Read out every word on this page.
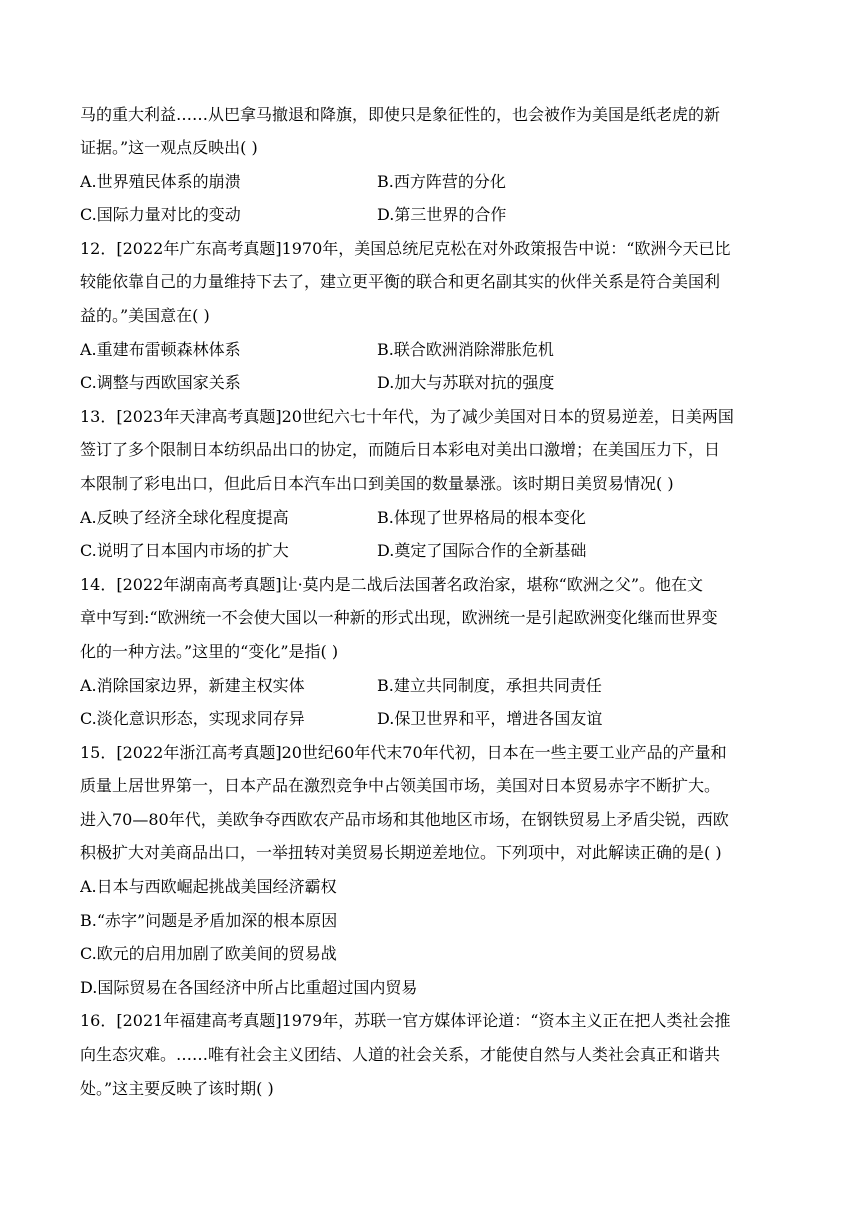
马的重大利益……从巴拿马撤退和降旗，即使只是象征性的，也会被作为美国是纸老虎的新
证据。”这一观点反映出( )
A.世界殖民体系的崩溃	B.西方阵营的分化
C.国际力量对比的变动	D.第三世界的合作
12．[2022年广东高考真题]1970年，美国总统尼克松在对外政策报告中说：“欧洲今天已比
较能依靠自己的力量维持下去了，建立更平衡的联合和更名副其实的伙伴关系是符合美国利
益的。”美国意在( )
A.重建布雷顿森林体系	B.联合欧洲消除滞胀危机
C.调整与西欧国家关系	D.加大与苏联对抗的强度
13．[2023年天津高考真题]20世纪六七十年代，为了减少美国对日本的贸易逆差，日美两国
签订了多个限制日本纺织品出口的协定，而随后日本彩电对美出口激增；在美国压力下，日
本限制了彩电出口，但此后日本汽车出口到美国的数量暴涨。该时期日美贸易情况( )
A.反映了经济全球化程度提高	B.体现了世界格局的根本变化
C.说明了日本国内市场的扩大	D.奠定了国际合作的全新基础
14．[2022年湖南高考真题]让·莫内是二战后法国著名政治家，堪称“欧洲之父”。他在文
章中写到:“欧洲统一不会使大国以一种新的形式出现，欧洲统一是引起欧洲变化继而世界变
化的一种方法。”这里的“变化”是指( )
A.消除国家边界，新建主权实体	B.建立共同制度，承担共同责任
C.淡化意识形态，实现求同存异	D.保卫世界和平，增进各国友谊
15．[2022年浙江高考真题]20世纪60年代末70年代初，日本在一些主要工业产品的产量和
质量上居世界第一，日本产品在激烈竞争中占领美国市场，美国对日本贸易赤字不断扩大。
进入70—80年代，美欧争夺西欧农产品市场和其他地区市场，在钢铁贸易上矛盾尖锐，西欧
积极扩大对美商品出口，一举扭转对美贸易长期逆差地位。下列项中，对此解读正确的是( )
A.日本与西欧崛起挑战美国经济霸权
B.“赤字”问题是矛盾加深的根本原因
C.欧元的启用加剧了欧美间的贸易战
D.国际贸易在各国经济中所占比重超过国内贸易
16．[2021年福建高考真题]1979年，苏联一官方媒体评论道：“资本主义正在把人类社会推
向生态灾难。……唯有社会主义团结、人道的社会关系，才能使自然与人类社会真正和谐共
处。”这主要反映了该时期( )
